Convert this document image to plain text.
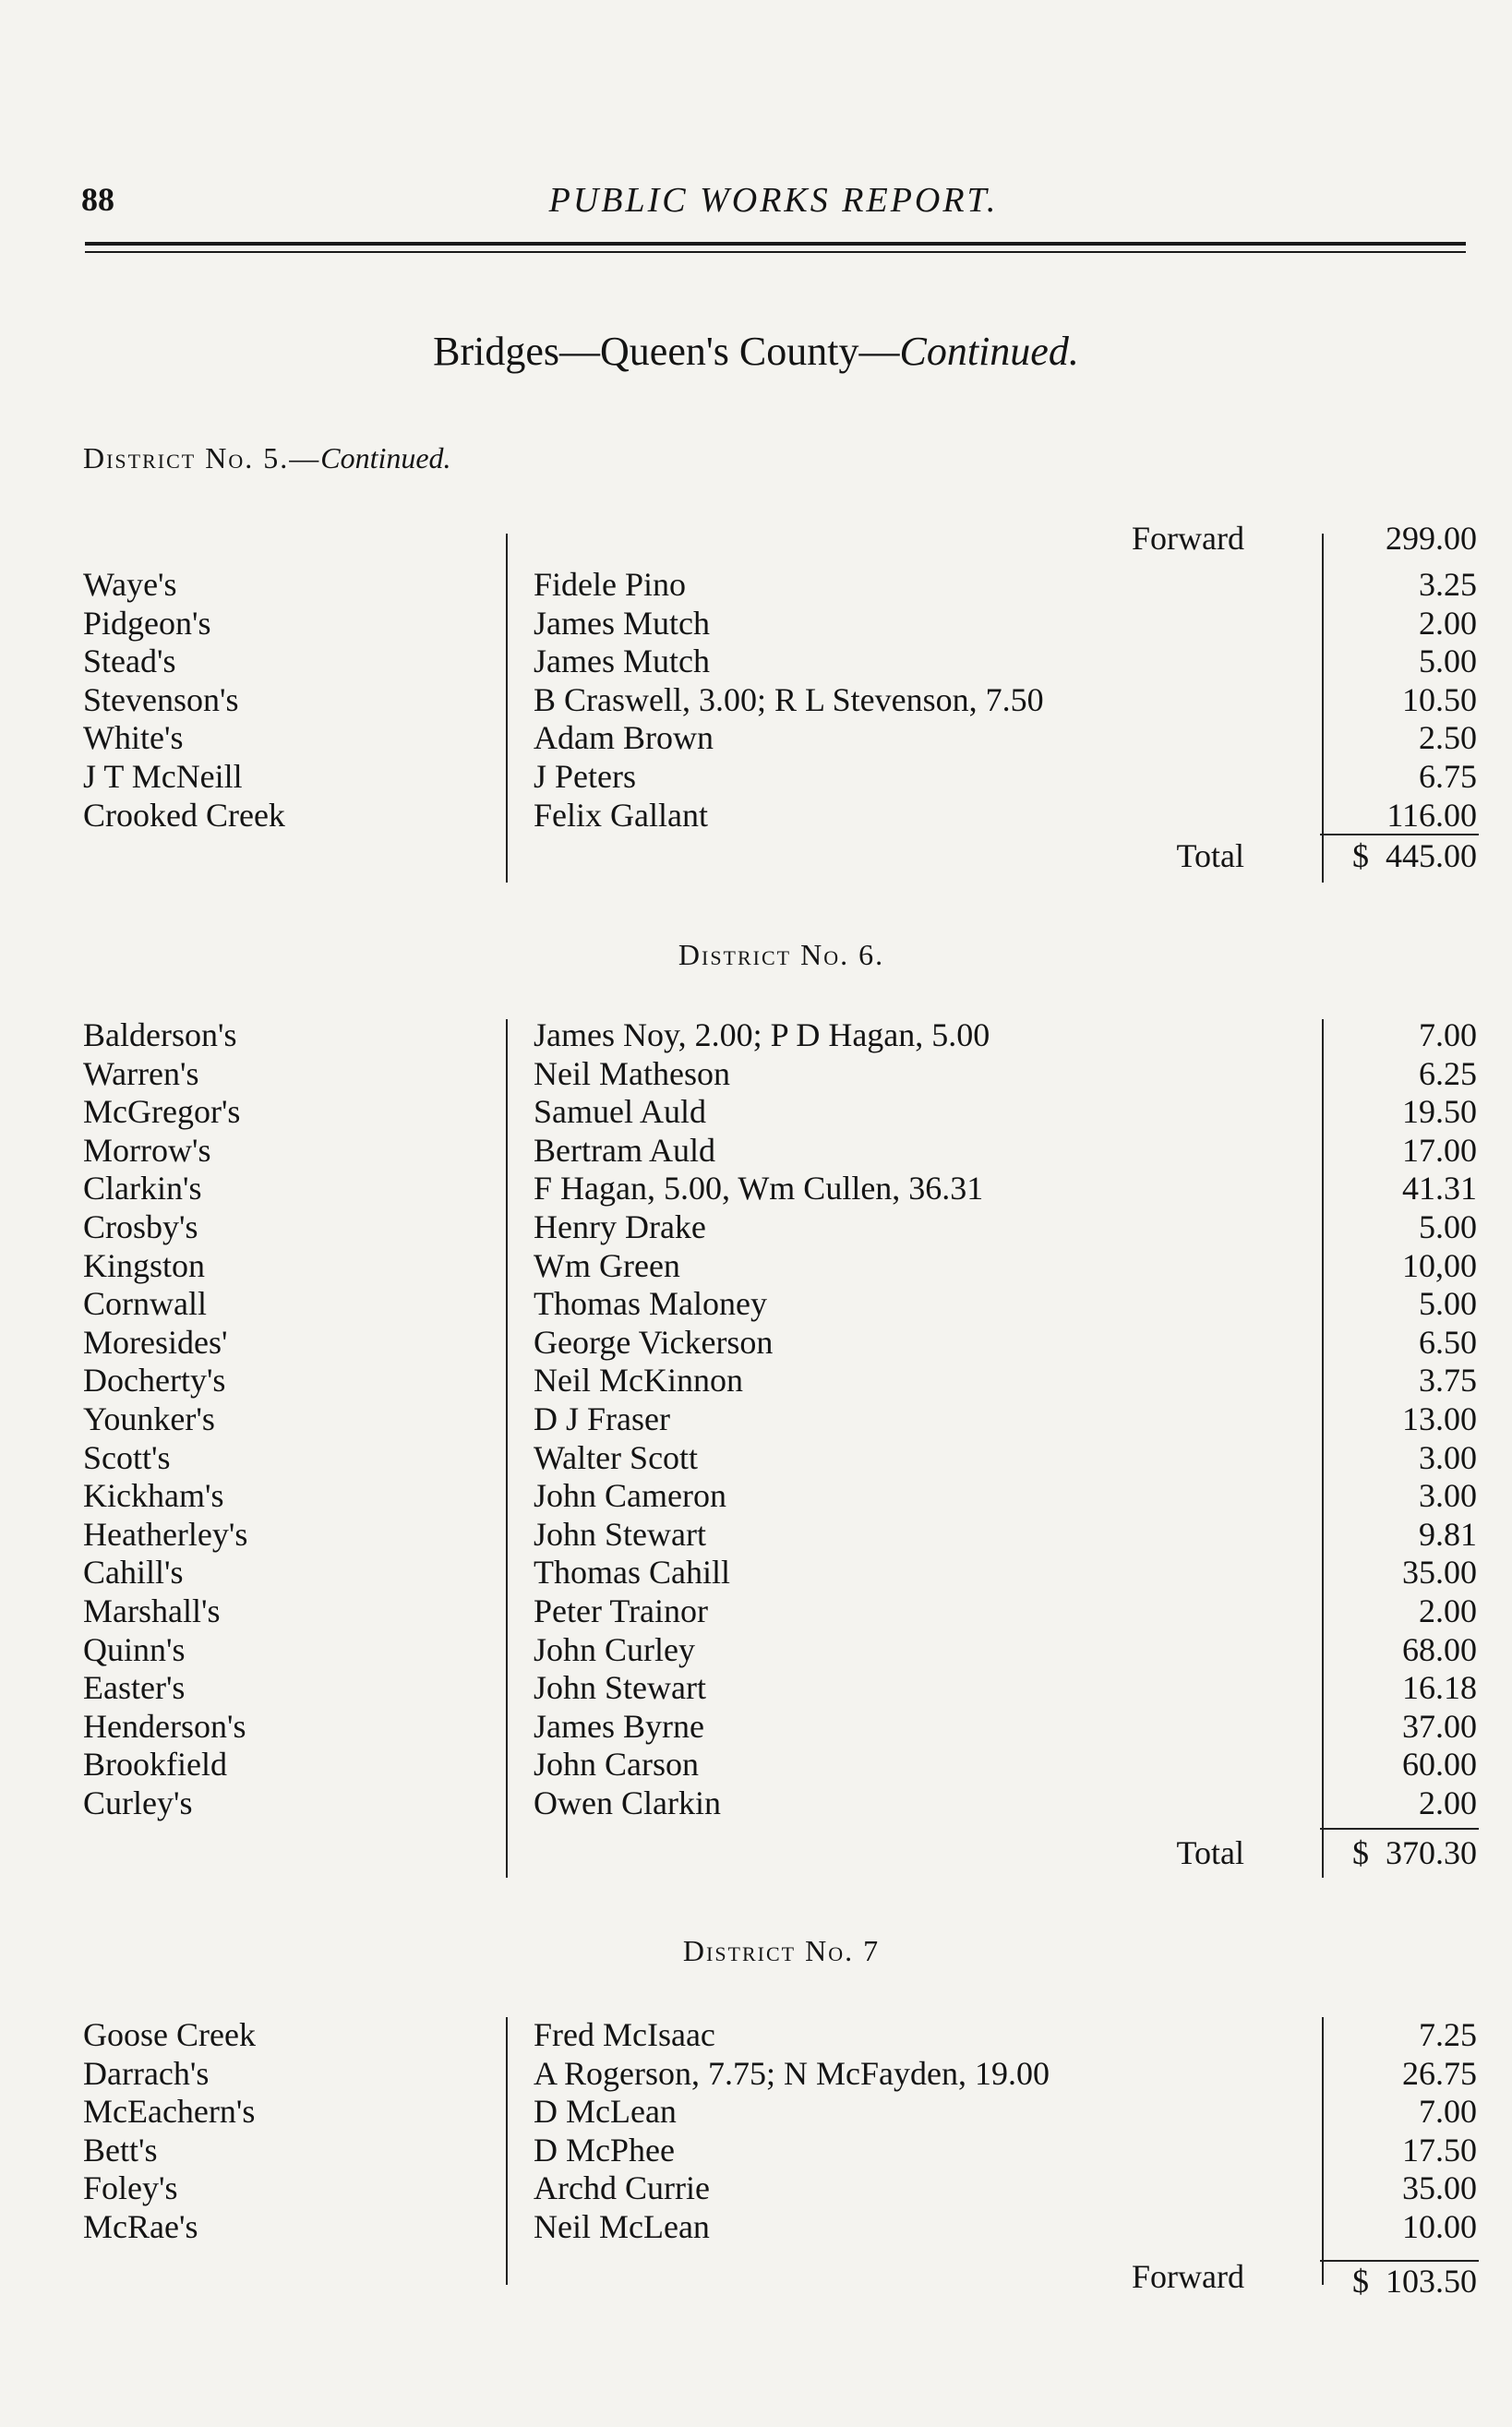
88	PUBLIC WORKS REPORT.
Bridges—Queen's County—Continued.
District No. 5.—Continued.
Forward	299.00
Waye's	Fidele Pino	3.25
Pidgeon's	James Mutch	2.00
Stead's	James Mutch	5.00
Stevenson's	B Craswell, 3.00; R L Stevenson, 7.50	10.50
White's	Adam Brown	2.50
J T McNeill	J Peters	6.75
Crooked Creek	Felix Gallant	116.00
Total	$ 445.00
District No. 6.
Balderson's	James Noy, 2.00; P D Hagan, 5.00	7.00
Warren's	Neil Matheson	6.25
McGregor's	Samuel Auld	19.50
Morrow's	Bertram Auld	17.00
Clarkin's	F Hagan, 5.00, Wm Cullen, 36.31	41.31
Crosby's	Henry Drake	5.00
Kingston	Wm Green	10,00
Cornwall	Thomas Maloney	5.00
Moresides'	George Vickerson	6.50
Docherty's	Neil McKinnon	3.75
Younker's	D J Fraser	13.00
Scott's	Walter Scott	3.00
Kickham's	John Cameron	3.00
Heatherley's	John Stewart	9.81
Cahill's	Thomas Cahill	35.00
Marshall's	Peter Trainor	2.00
Quinn's	John Curley	68.00
Easter's	John Stewart	16.18
Henderson's	James Byrne	37.00
Brookfield	John Carson	60.00
Curley's	Owen Clarkin	2.00
Total	$ 370.30
District No. 7
Goose Creek	Fred McIsaac	7.25
Darrach's	A Rogerson, 7.75; N McFayden, 19.00	26.75
McEachern's	D McLean	7.00
Bett's	D McPhee	17.50
Foley's	Archd Currie	35.00
McRae's	Neil McLean	10.00
Forward	$ 103.50
